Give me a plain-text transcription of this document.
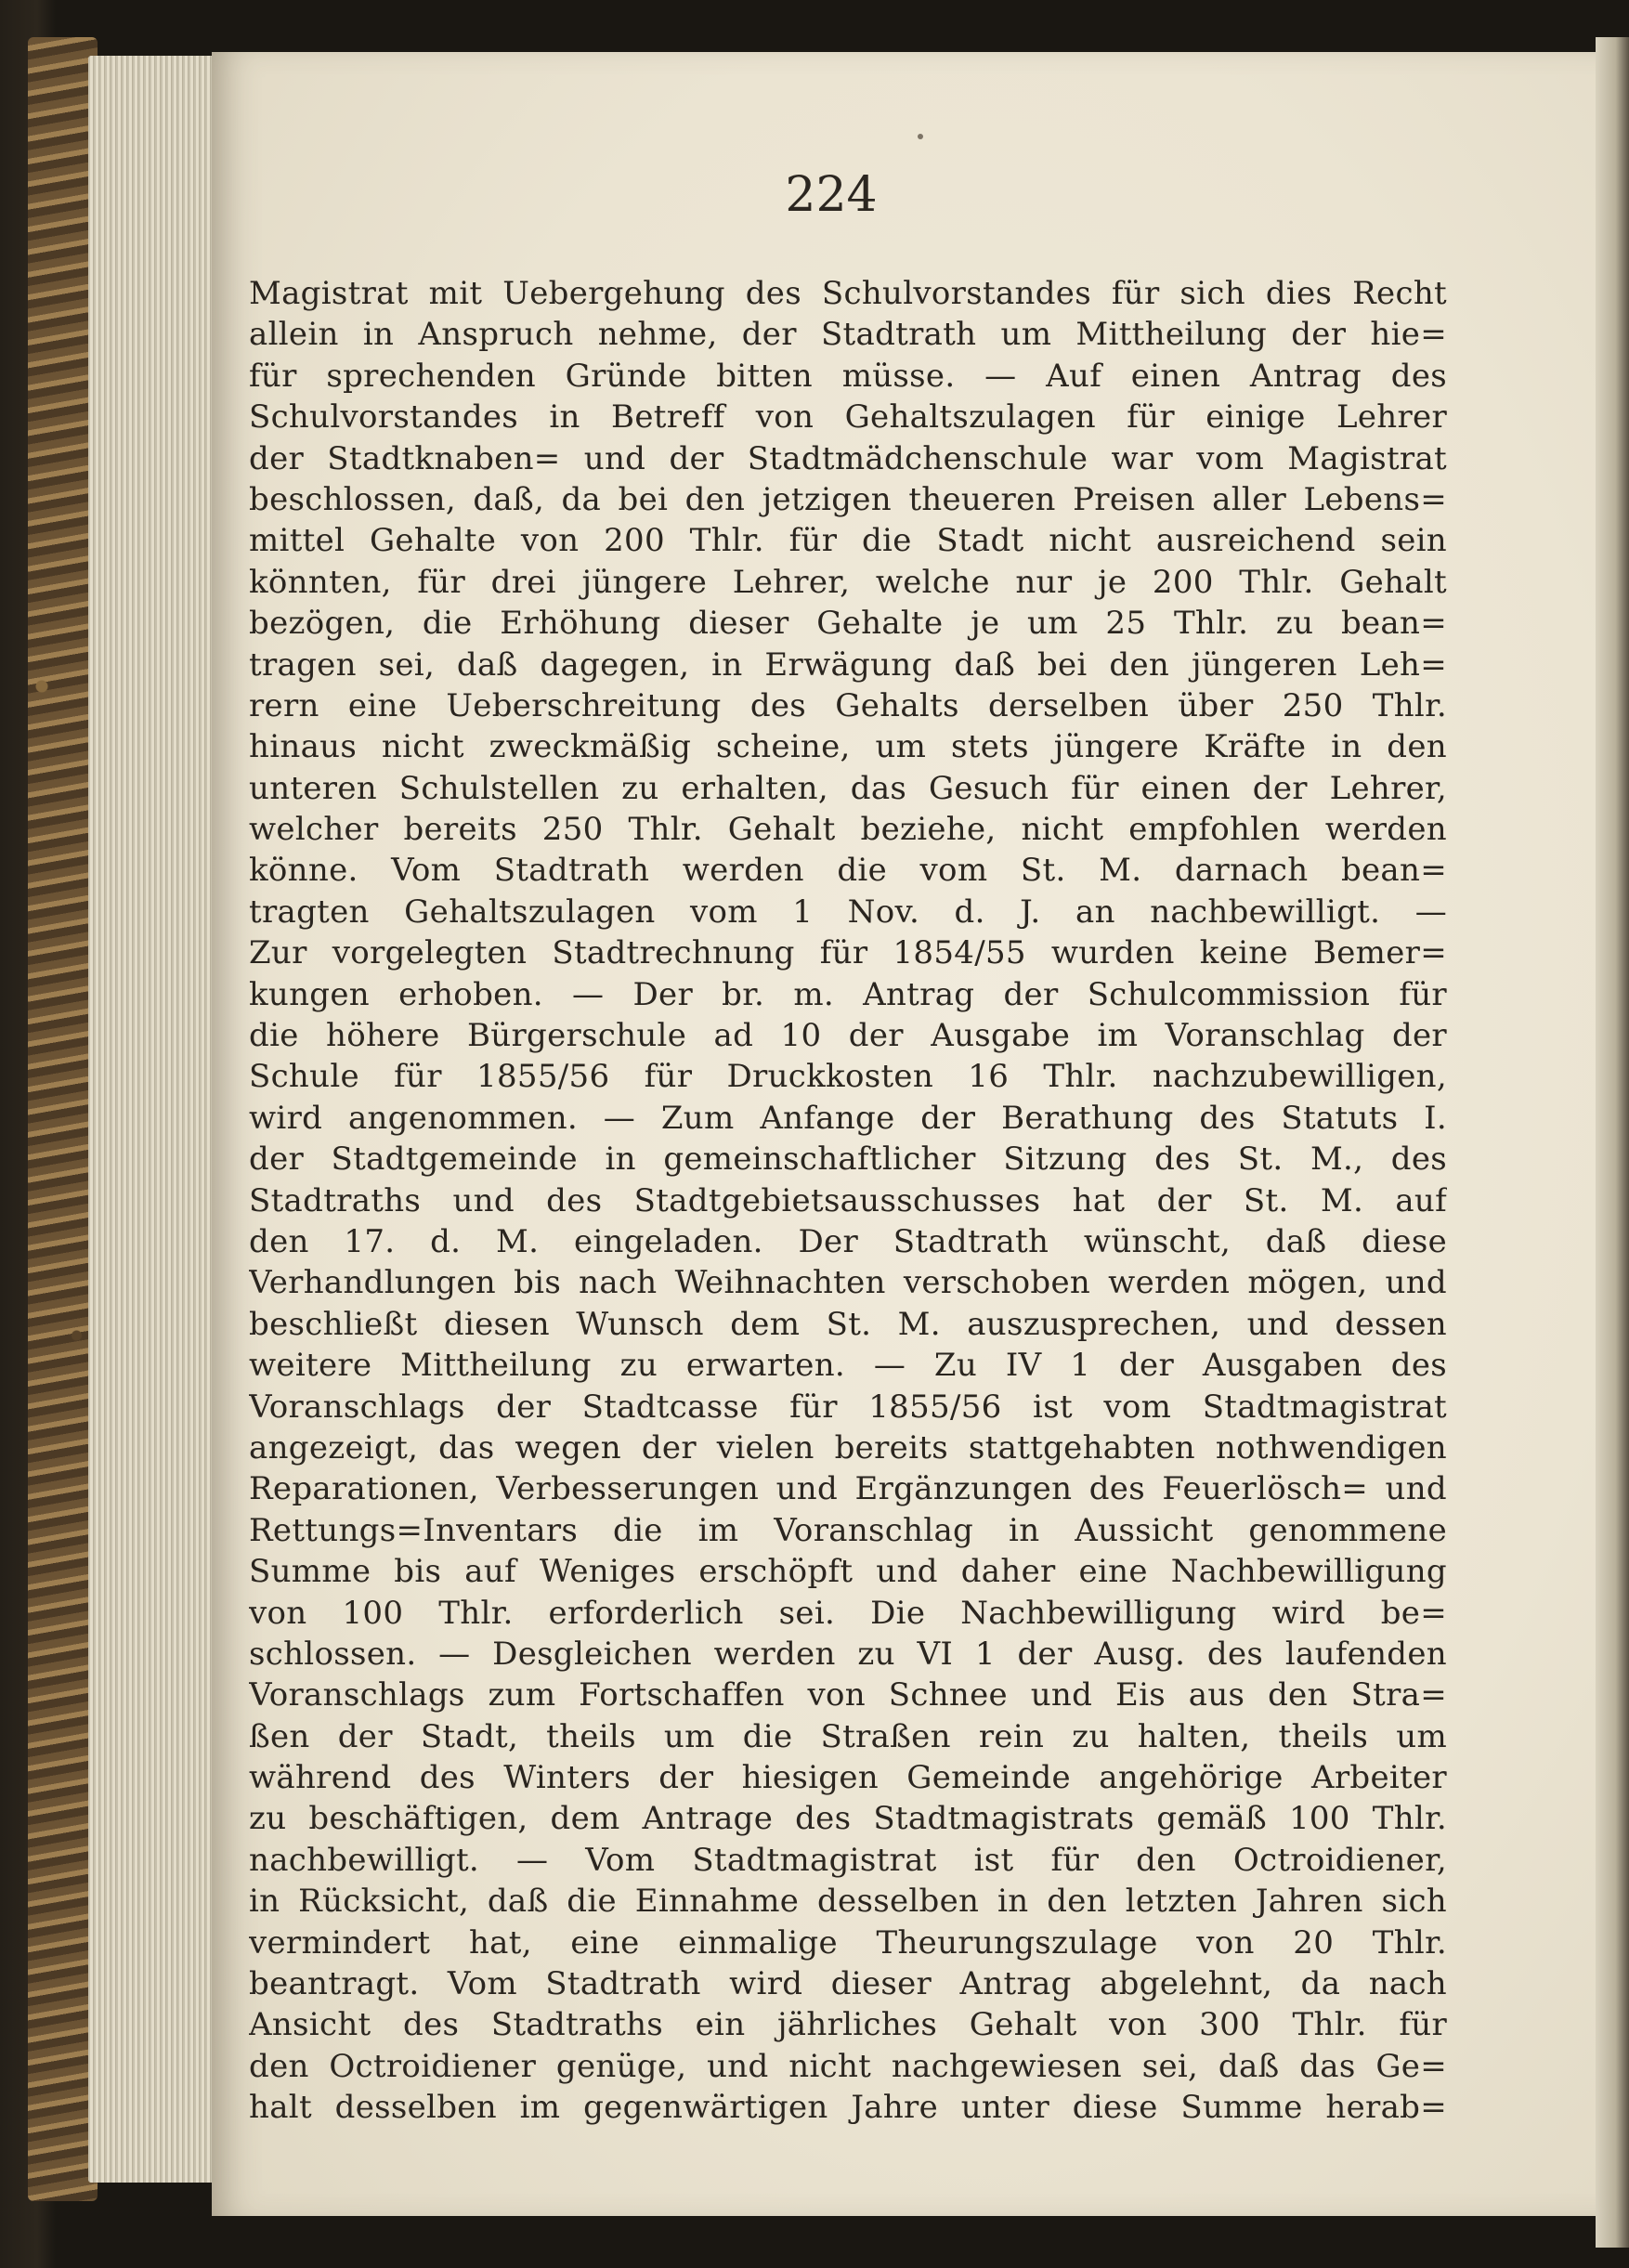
224
Magistrat mit Uebergehung des Schulvorstandes für sich dies Recht
allein in Anspruch nehme, der Stadtrath um Mittheilung der hie=
für sprechenden Gründe bitten müsse. — Auf einen Antrag des
Schulvorstandes in Betreff von Gehaltszulagen für einige Lehrer
der Stadtknaben= und der Stadtmädchenschule war vom Magistrat
beschlossen, daß, da bei den jetzigen theueren Preisen aller Lebens=
mittel Gehalte von 200 Thlr. für die Stadt nicht ausreichend sein
könnten, für drei jüngere Lehrer, welche nur je 200 Thlr. Gehalt
bezögen, die Erhöhung dieser Gehalte je um 25 Thlr. zu bean=
tragen sei, daß dagegen, in Erwägung daß bei den jüngeren Leh=
rern eine Ueberschreitung des Gehalts derselben über 250 Thlr.
hinaus nicht zweckmäßig scheine, um stets jüngere Kräfte in den
unteren Schulstellen zu erhalten, das Gesuch für einen der Lehrer,
welcher bereits 250 Thlr. Gehalt beziehe, nicht empfohlen werden
könne. Vom Stadtrath werden die vom St. M. darnach bean=
tragten Gehaltszulagen vom 1 Nov. d. J. an nachbewilligt. —
Zur vorgelegten Stadtrechnung für 1854/55 wurden keine Bemer=
kungen erhoben. — Der br. m. Antrag der Schulcommission für
die höhere Bürgerschule ad 10 der Ausgabe im Voranschlag der
Schule für 1855/56 für Druckkosten 16 Thlr. nachzubewilligen,
wird angenommen. — Zum Anfange der Berathung des Statuts I.
der Stadtgemeinde in gemeinschaftlicher Sitzung des St. M., des
Stadtraths und des Stadtgebietsausschusses hat der St. M. auf
den 17. d. M. eingeladen. Der Stadtrath wünscht, daß diese
Verhandlungen bis nach Weihnachten verschoben werden mögen, und
beschließt diesen Wunsch dem St. M. auszusprechen, und dessen
weitere Mittheilung zu erwarten. — Zu IV 1 der Ausgaben des
Voranschlags der Stadtcasse für 1855/56 ist vom Stadtmagistrat
angezeigt, das wegen der vielen bereits stattgehabten nothwendigen
Reparationen, Verbesserungen und Ergänzungen des Feuerlösch= und
Rettungs=Inventars die im Voranschlag in Aussicht genommene
Summe bis auf Weniges erschöpft und daher eine Nachbewilligung
von 100 Thlr. erforderlich sei. Die Nachbewilligung wird be=
schlossen. — Desgleichen werden zu VI 1 der Ausg. des laufenden
Voranschlags zum Fortschaffen von Schnee und Eis aus den Stra=
ßen der Stadt, theils um die Straßen rein zu halten, theils um
während des Winters der hiesigen Gemeinde angehörige Arbeiter
zu beschäftigen, dem Antrage des Stadtmagistrats gemäß 100 Thlr.
nachbewilligt. — Vom Stadtmagistrat ist für den Octroidiener,
in Rücksicht, daß die Einnahme desselben in den letzten Jahren sich
vermindert hat, eine einmalige Theurungszulage von 20 Thlr.
beantragt. Vom Stadtrath wird dieser Antrag abgelehnt, da nach
Ansicht des Stadtraths ein jährliches Gehalt von 300 Thlr. für
den Octroidiener genüge, und nicht nachgewiesen sei, daß das Ge=
halt desselben im gegenwärtigen Jahre unter diese Summe herab=
